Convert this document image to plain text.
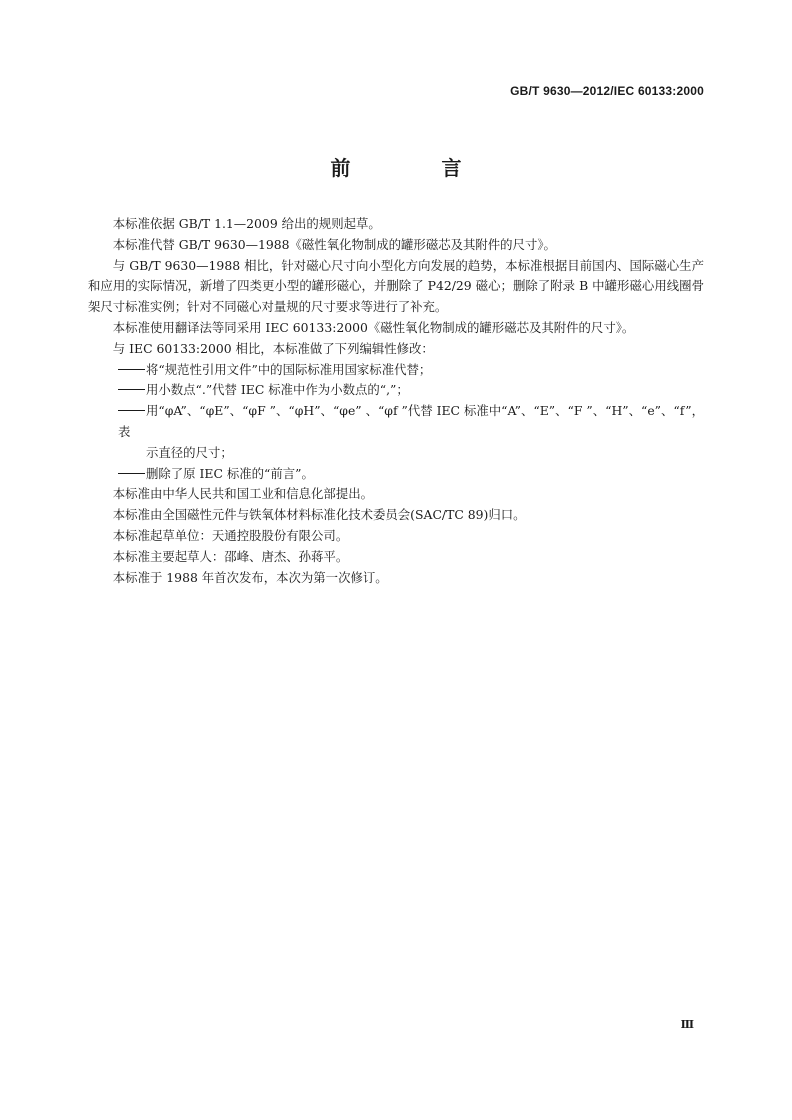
GB/T 9630—2012/IEC 60133:2000
前 言

本标准依据 GB/T 1.1—2009 给出的规则起草。

本标准代替 GB/T 9630—1988《磁性氧化物制成的罐形磁芯及其附件的尺寸》。

与 GB/T 9630—1988 相比，针对磁心尺寸向小型化方向发展的趋势，本标准根据目前国内、国际磁心生产和应用的实际情况，新增了四类更小型的罐形磁心，并删除了 P42/29 磁心；删除了附录 B 中罐形磁心用线圈骨架尺寸标准实例；针对不同磁心对量规的尺寸要求等进行了补充。

本标准使用翻译法等同采用 IEC 60133:2000《磁性氧化物制成的罐形磁芯及其附件的尺寸》。

与 IEC 60133:2000 相比，本标准做了下列编辑性修改：

将“规范性引用文件”中的国际标准用国家标准代替；

用小数点“.”代替 IEC 标准中作为小数点的“,”；

用“φA”、“φE”、“φF ”、“φH”、“φe” 、“φf ”代替 IEC 标准中“A”、“E”、“F ”、“H”、“e”、“f”，表

示直径的尺寸；

删除了原 IEC 标准的“前言”。

本标准由中华人民共和国工业和信息化部提出。

本标准由全国磁性元件与铁氧体材料标准化技术委员会(SAC/TC 89)归口。

本标准起草单位：天通控股股份有限公司。

本标准主要起草人：邵峰、唐杰、孙蒋平。

本标准于 1988 年首次发布，本次为第一次修订。

Ⅲ
